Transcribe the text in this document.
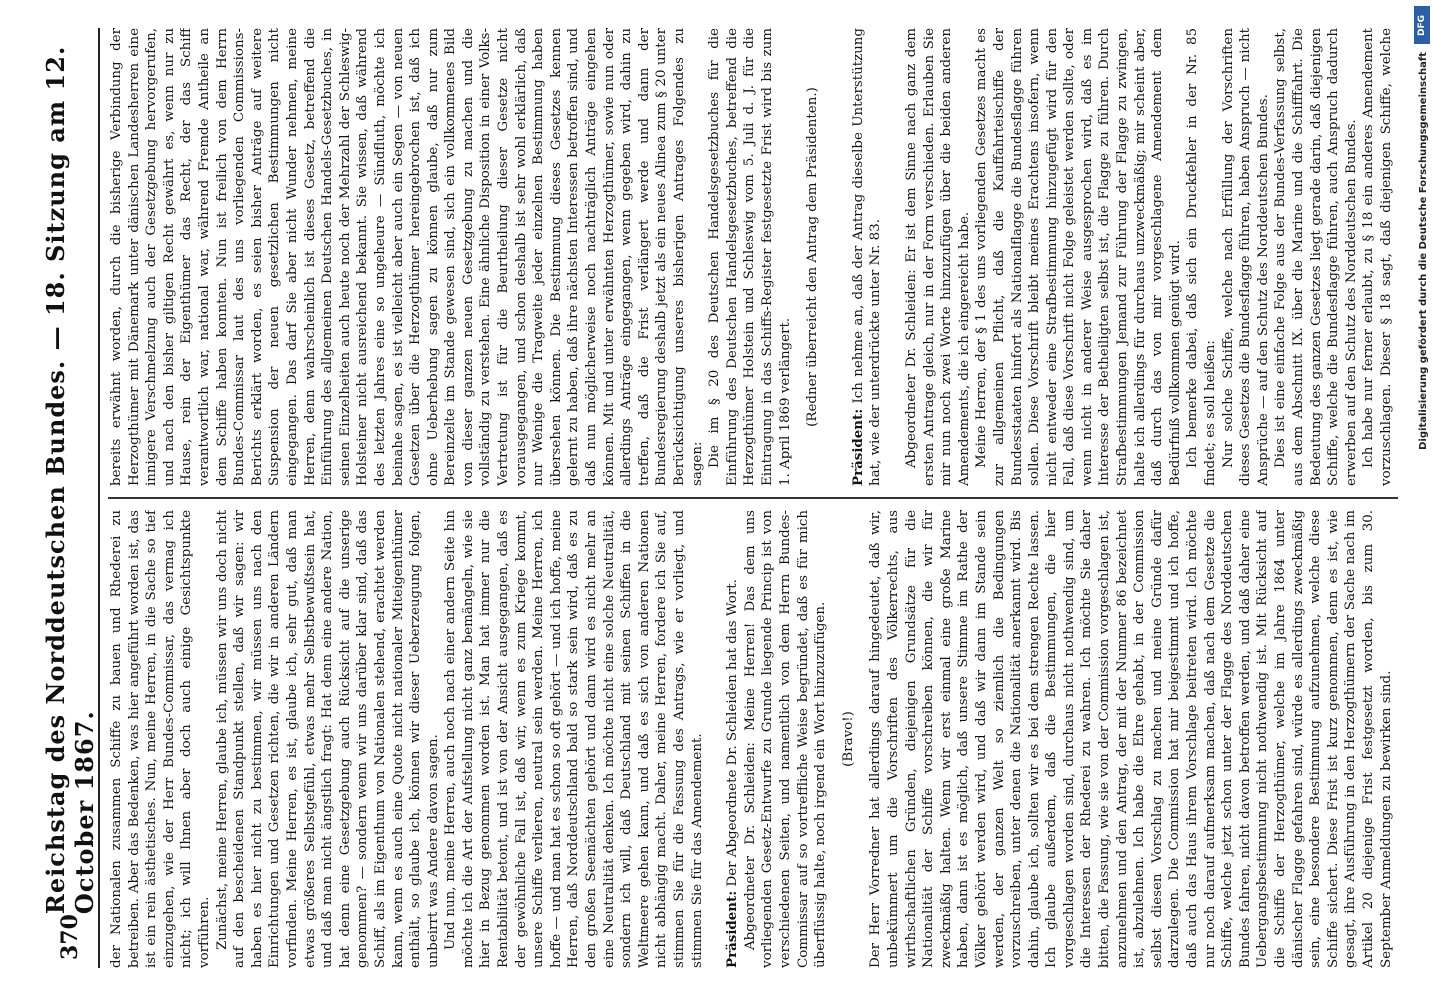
370
Reichstag des Norddeutschen Bundes. — 18. Sitzung am 12. October 1867. der Nationalen zusammen Schiffe zu bauen und Rhederei zu betreiben. Aber das Bedenken, was hier angeführt worden ist, das ist ein rein ästhetisches. Nun, meine Herren, in die Sache so tief einzugehen, wie der Herr Bundes-Commissar, das vermag ich nicht; ich will Ihnen aber doch auch einige Gesichtspunkte vorführen. Zunächst, meine Herren, glaube ich, müssen wir uns doch nicht auf den bescheidenen Standpunkt stellen, daß wir sagen: wir haben es hier nicht zu bestimmen, wir müssen uns nach den Einrichtungen und Gesetzen richten, die wir in anderen Ländern vorfinden. Meine Herren, es ist, glaube ich, sehr gut, daß man etwas größeres Selbstgefühl, etwas mehr Selbstbewußtsein hat, und daß man nicht ängstlich fragt: Hat denn eine andere Nation, hat denn eine Gesetzgebung auch Rücksicht auf die unserige genommen? — sondern wenn wir uns darüber klar sind, daß das Schiff, als im Eigenthum von Nationalen stehend, erachtet werden kann, wenn es auch eine Quote nicht nationaler Miteigenthümer enthält, so glaube ich, können wir dieser Ueberzeugung folgen, unbeirrt was Andere davon sagen. Und nun, meine Herren, auch noch nach einer andern Seite hin möchte ich die Art der Aufstellung nicht ganz bemängeln, wie sie hier in Bezug genommen worden ist. Man hat immer nur die Rentabilität betont, und ist von der Ansicht ausgegangen, daß es der gewöhnliche Fall ist, daß wir, wenn es zum Kriege kommt, unsere Schiffe verlieren, neutral sein werden. Meine Herren, ich hoffe — und man hat es schon so oft gehört — und ich hoffe, meine Herren, daß Norddeutschland bald so stark sein wird, daß es zu den großen Seemächten gehört und dann wird es nicht mehr an eine Neutralität denken. Ich möchte nicht eine solche Neutralität, sondern ich will, daß Deutschland mit seinen Schiffen in die Weltmeere gehen kann, und daß es sich von anderen Nationen nicht abhängig macht. Daher, meine Herren, fordere ich Sie auf, stimmen Sie für die Fassung des Antrags, wie er vorliegt, und stimmen Sie für das Amendement. Präsident: Der Abgeordnete Dr. Schleiden hat das Wort. Abgeordneter Dr. Schleiden: Meine Herren! Das dem uns vorliegenden Gesetz-Entwurfe zu Grunde liegende Princip ist von verschiedenen Seiten, und namentlich von dem Herrn Bundes-Commissar auf so vortreffliche Weise begründet, daß es für mich überflüssig halte, noch irgend ein Wort hinzuzufügen. (Bravo!) Der Herr Vorredner hat allerdings darauf hingedeutet, daß wir, unbekümmert um die Vorschriften des Völkerrechts, aus wirthschaftlichen Gründen, diejenigen Grundsätze für die Nationalität der Schiffe vorschreiben können, die wir für zweckmäßig halten. Wenn wir erst einmal eine große Marine haben, dann ist es möglich, daß unsere Stimme im Rathe der Völker gehört werden wird, und daß wir dann im Stande sein werden, der ganzen Welt so ziemlich die Bedingungen vorzuschreiben, unter denen die Nationalität anerkannt wird. Bis dahin, glaube ich, sollten wir es bei dem strengen Rechte lassen. Ich glaube außerdem, daß die Bestimmungen, die hier vorgeschlagen worden sind, durchaus nicht nothwendig sind, um die Interessen der Rhederei zu wahren. Ich möchte Sie daher bitten, die Fassung, wie sie von der Commission vorgeschlagen ist, anzunehmen und den Antrag, der mit der Nummer 86 bezeichnet ist, abzulehnen. Ich habe die Ehre gehabt, in der Commission selbst diesen Vorschlag zu machen und meine Gründe dafür darzulegen. Die Commission hat mir beigestimmt und ich hoffe, daß auch das Haus ihrem Vorschlage beitreten wird. Ich möchte nur noch darauf aufmerksam machen, daß nach dem Gesetze die Schiffe, welche jetzt schon unter der Flagge des Norddeutschen Bundes fahren, nicht davon betroffen werden, und daß daher eine Uebergangsbestimmung nicht nothwendig ist. Mit Rücksicht auf die Schiffe der Herzogthümer, welche im Jahre 1864 unter dänischer Flagge gefahren sind, würde es allerdings zweckmäßig sein, eine besondere Bestimmung aufzunehmen, welche diese Schiffe sichert. Diese Frist ist kurz genommen, denn es ist, wie gesagt, ihre Ausführung in den Herzogthümern der Sache nach im Artikel 20 diejenige Frist festgesetzt worden, bis zum 30. September Anmeldungen zu bewirken sind.

bereits erwähnt worden, durch die bisherige Verbindung der Herzogthümer mit Dänemark unter dänischen Landesherren eine innigere Verschmelzung auch der Gesetzgebung hervorgerufen, und nach den bisher giltigen Recht gewährt es, wenn nur zu Hause, rein der Eigenthümer das Recht, der das Schiff verantwortlich war, national war, während Fremde Antheile an dem Schiffe haben konnten. Nun ist freilich von dem Herrn Bundes-Commissar laut des uns vorliegenden Commissions-Berichts erklärt worden, es seien bisher Anträge auf weitere Suspension der neuen gesetzlichen Bestimmungen nicht eingegangen. Das darf Sie aber nicht Wunder nehmen, meine Herren, denn wahrscheinlich ist dieses Gesetz, betreffend die Einführung des allgemeinen Deutschen Handels-Gesetzbuches, in seinen Einzelheiten auch heute noch der Mehrzahl der Schleswig-Holsteiner nicht ausreichend bekannt. Sie wissen, daß während des letzten Jahres eine so ungeheure — Sündfluth, möchte ich beinahe sagen, es ist vielleicht aber auch ein Segen — von neuen Gesetzen über die Herzogthümer hereingebrochen ist, daß ich ohne Ueberhebung sagen zu können glaube, daß nur zum Bereinzelte im Stande gewesen sind, sich ein vollkommenes Bild von dieser ganzen neuen Gesetzgebung zu machen und die vollständig zu verstehen. Eine ähnliche Disposition in einer Volks-Vertretung ist für die Beurtheilung dieser Gesetze nicht vorausgegangen, und schon deshalb ist sehr wohl erklärlich, daß nur Wenige die Tragweite jeder einzelnen Bestimmung haben übersehen können. Die Bestimmung dieses Gesetzes kennen gelernt zu haben, daß ihre nächsten Interessen betroffen sind, und daß nun möglicherweise noch nachträglich Anträge eingehen können. Mit und unter erwähnten Herzogthümer, sowie nun oder allerdings Anträge eingegangen, wenn gegeben wird, dahin zu treffen, daß die Frist verlängert werde und dann der Bundesregierung deshalb jetzt als ein neues Alinea zum § 20 unter Berücksichtigung unseres bisherigen Antrages Folgendes zu sagen: Die im § 20 des Deutschen Handelsgesetzbuches für die Einführung des Deutschen Handelsgesetzbuches, betreffend die Herzogthümer Holstein und Schleswig vom 5. Juli d. J. für die Eintragung in das Schiffs-Register festgesetzte Frist wird bis zum 1. April 1869 verlängert. (Redner überreicht den Antrag dem Präsidenten.)

Präsident: Ich nehme an, daß der Antrag dieselbe Unterstützung hat, wie der unterdrückte unter Nr. 83. Abgeordneter Dr. Schleiden: Er ist dem Sinne nach ganz dem ersten Antrage gleich, nur in der Form verschieden. Erlauben Sie mir nun noch zwei Worte hinzuzufügen über die beiden anderen Amendements, die ich eingereicht habe. Meine Herren, der § 1 des uns vorliegenden Gesetzes macht es zur allgemeinen Pflicht, daß die Kauffahrteischiffe der Bundesstaaten hinfort als Nationalflagge die Bundesflagge führen sollen. Diese Vorschrift bleibt meines Erachtens insofern, wenn nicht entweder eine Strafbestimmung hinzugefügt wird für den Fall, daß diese Vorschrift nicht Folge geleistet werden sollte, oder wenn nicht in anderer Weise ausgesprochen wird, daß es im Interesse der Betheiligten selbst ist, die Flagge zu führen. Durch Strafbestimmungen Jemand zur Führung der Flagge zu zwingen, halte ich allerdings für durchaus unzweckmäßig; mir scheint aber, daß durch das von mir vorgeschlagene Amendement dem Bedürfniß vollkommen genügt wird. Ich bemerke dabei, daß sich ein Druckfehler in der Nr. 85 findet; es soll heißen: Nur solche Schiffe, welche nach Erfüllung der Vorschriften dieses Gesetzes die Bundesflagge führen, haben Anspruch — nicht Ansprüche — auf den Schutz des Norddeutschen Bundes. Dies ist eine einfache Folge aus der Bundes-Verfassung selbst, aus dem Abschnitt IX. über die Marine und die Schifffahrt. Die Bedeutung des ganzen Gesetzes liegt gerade darin, daß diejenigen Schiffe, welche die Bundesflagge führen, auch Anspruch dadurch erwerben auf den Schutz des Norddeutschen Bundes. Ich habe nur ferner erlaubt, zu § 18 ein anderes Amendement vorzuschlagen. Dieser § 18 sagt, daß diejenigen Schiffe, welche

DFG
Digitalisierung gefördert durch die Deutsche Forschungsgemeinschaft
